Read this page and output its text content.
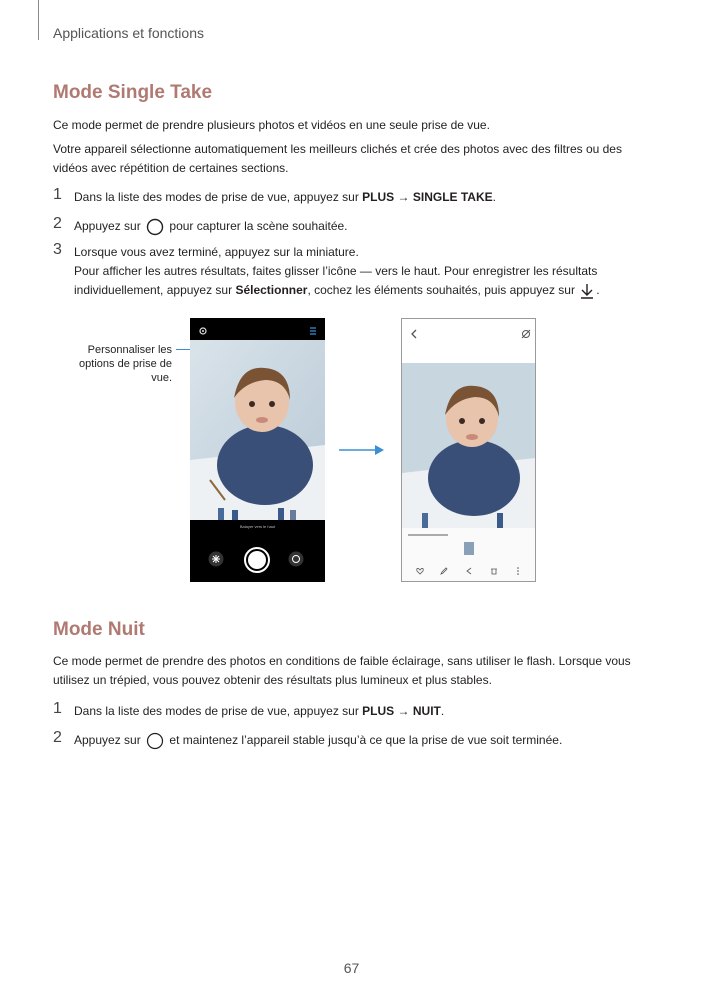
Applications et fonctions
Mode Single Take
Ce mode permet de prendre plusieurs photos et vidéos en une seule prise de vue.
Votre appareil sélectionne automatiquement les meilleurs clichés et crée des photos avec des filtres ou des vidéos avec répétition de certaines sections.
1 Dans la liste des modes de prise de vue, appuyez sur PLUS → SINGLE TAKE.
2 Appuyez sur pour capturer la scène souhaitée.
3 Lorsque vous avez terminé, appuyez sur la miniature.
Pour afficher les autres résultats, faites glisser l’icône — vers le haut. Pour enregistrer les résultats individuellement, appuyez sur Sélectionner, cochez les éléments souhaités, puis appuyez sur .
Personnaliser les options de prise de vue.
Balayer vers le haut
Mode Nuit
Ce mode permet de prendre des photos en conditions de faible éclairage, sans utiliser le flash. Lorsque vous utilisez un trépied, vous pouvez obtenir des résultats plus lumineux et plus stables.
1 Dans la liste des modes de prise de vue, appuyez sur PLUS → NUIT.
2 Appuyez sur et maintenez l’appareil stable jusqu’à ce que la prise de vue soit terminée.
67
